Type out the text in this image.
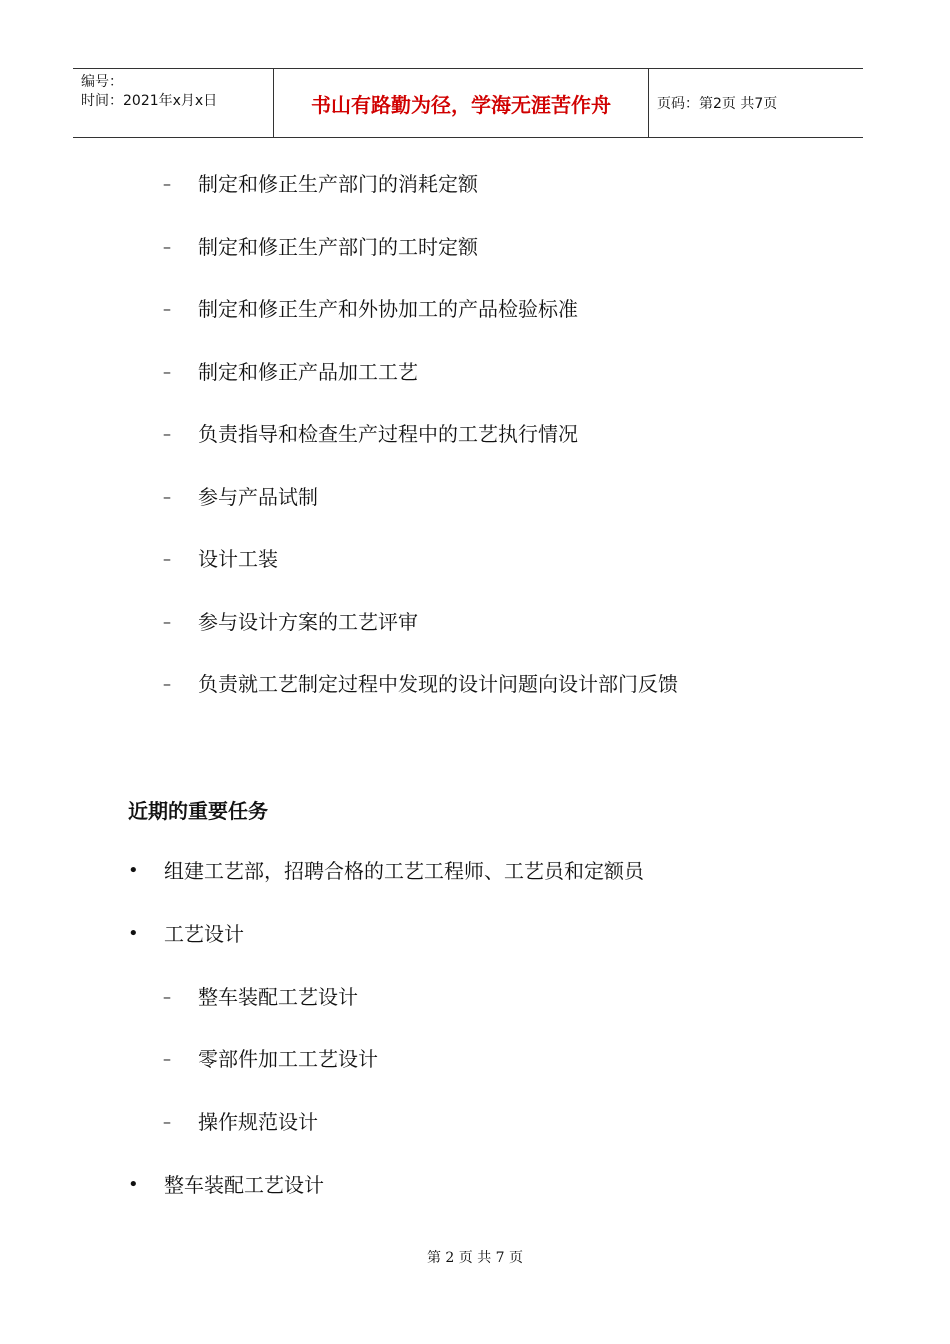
编号：
时间：2021年x月x日	书山有路勤为径，学海无涯苦作舟	页码：第2页 共7页
– 制定和修正生产部门的消耗定额
– 制定和修正生产部门的工时定额
– 制定和修正生产和外协加工的产品检验标准
– 制定和修正产品加工工艺
– 负责指导和检查生产过程中的工艺执行情况
– 参与产品试制
– 设计工装
– 参与设计方案的工艺评审
– 负责就工艺制定过程中发现的设计问题向设计部门反馈
近期的重要任务
• 组建工艺部，招聘合格的工艺工程师、工艺员和定额员
• 工艺设计
– 整车装配工艺设计
– 零部件加工工艺设计
– 操作规范设计
• 整车装配工艺设计
第 2 页 共 7 页
